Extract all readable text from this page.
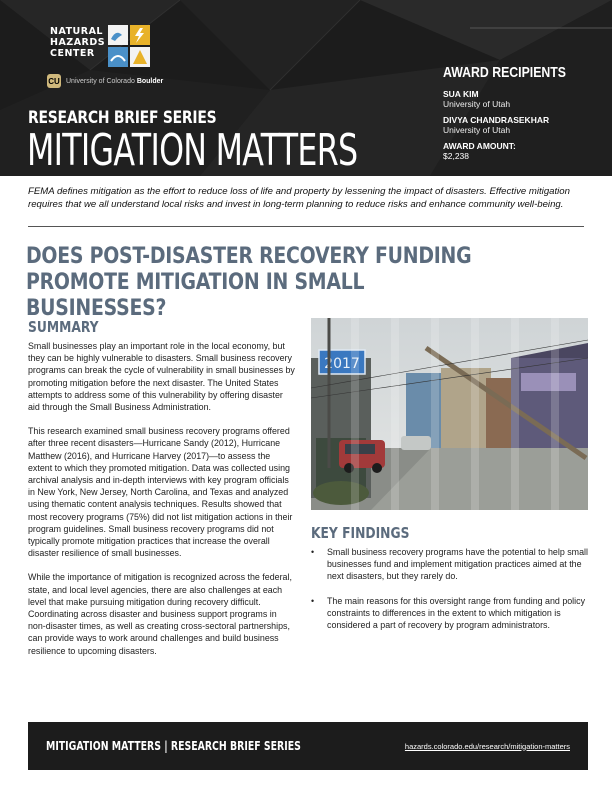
NATURAL
HAZARDS
CENTER
CU University of Colorado Boulder
RESEARCH BRIEF SERIES
MITIGATION MATTERS
AWARD RECIPIENTS
SUA KIM
University of Utah
DIVYA CHANDRASEKHAR
University of Utah
AWARD AMOUNT:
$2,238
FEMA defines mitigation as the effort to reduce loss of life and property by lessening the impact of disasters. Effective mitigation requires that we all understand local risks and invest in long-term planning to reduce risks and enhance community well-being.
DOES POST-DISASTER RECOVERY FUNDING PROMOTE MITIGATION IN SMALL BUSINESSES?
SUMMARY

Small businesses play an important role in the local economy, but they can be highly vulnerable to disasters. Small business recovery programs can break the cycle of vulnerability in small businesses by promoting mitigation before the next disaster. The United States attempts to address some of this vulnerability by offering disaster aid through the Small Business Administration.

This research examined small business recovery programs offered after three recent disasters—Hurricane Sandy (2012), Hurricane Matthew (2016), and Hurricane Harvey (2017)—to assess the extent to which they promoted mitigation. Data was collected using archival analysis and in-depth interviews with key program officials in New York, New Jersey, North Carolina, and Texas and analyzed using thematic content analysis techniques. Results showed that most recovery programs (75%) did not list mitigation actions in their program guidelines. Small business recovery programs did not typically promote mitigation practices that increase the overall disaster resilience of small businesses.

While the importance of mitigation is recognized across the federal, state, and local level agencies, there are also challenges at each level that make pursuing mitigation during recovery difficult. Coordinating across disaster and business support programs in non-disaster times, as well as creating cross-sectoral partnerships, can provide ways to work around challenges and build business resilience to upcoming disasters.

2017
KEY FINDINGS
•	Small business recovery programs have the potential to help small businesses fund and implement mitigation practices aimed at the next disasters, but they rarely do.
•	The main reasons for this oversight range from funding and policy constraints to differences in the extent to which mitigation is considered a part of recovery by program administrators.
MITIGATION MATTERS | RESEARCH BRIEF SERIES	hazards.colorado.edu/research/mitigation-matters
